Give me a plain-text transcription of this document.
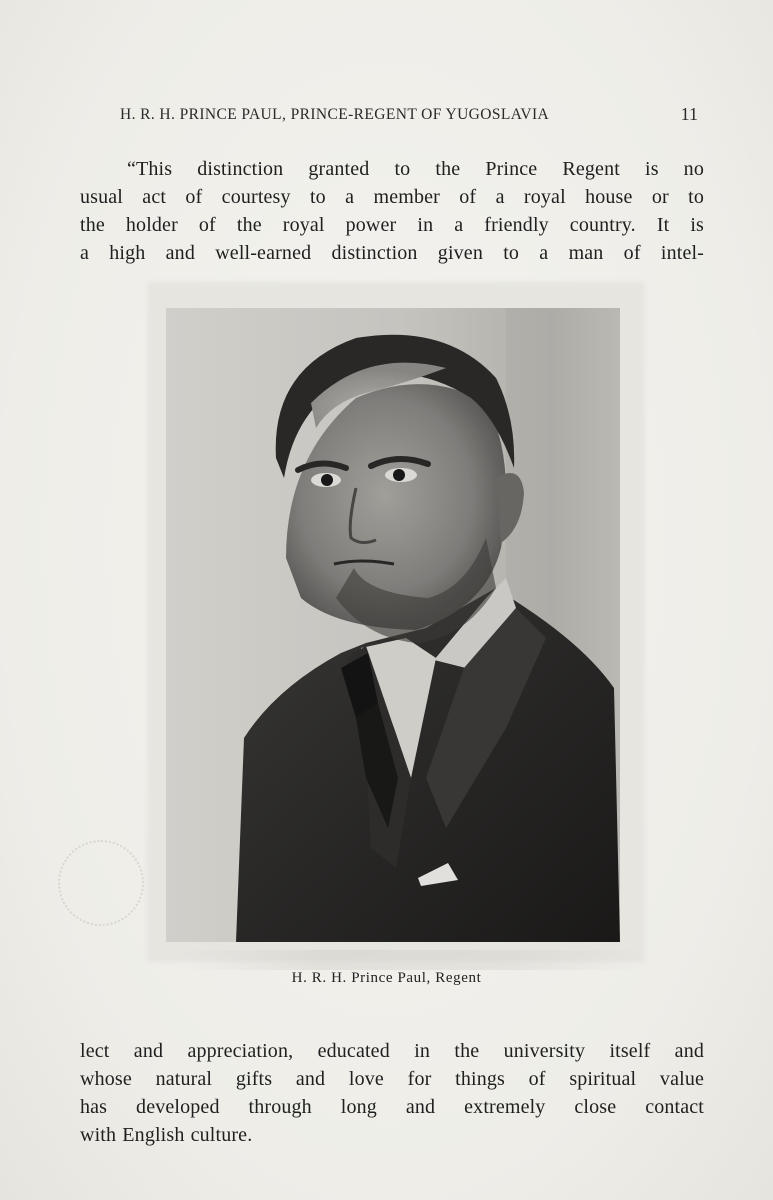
H. R. H. PRINCE PAUL, PRINCE-REGENT OF YUGOSLAVIA	11
“This distinction granted to the Prince Regent is no
usual act of courtesy to a member of a royal house or to
the holder of the royal power in a friendly country. It is
a high and well-earned distinction given to a man of intel-
H. R. H. Prince Paul, Regent
lect and appreciation, educated in the university itself and
whose natural gifts and love for things of spiritual value
has developed through long and extremely close contact
with English culture.
